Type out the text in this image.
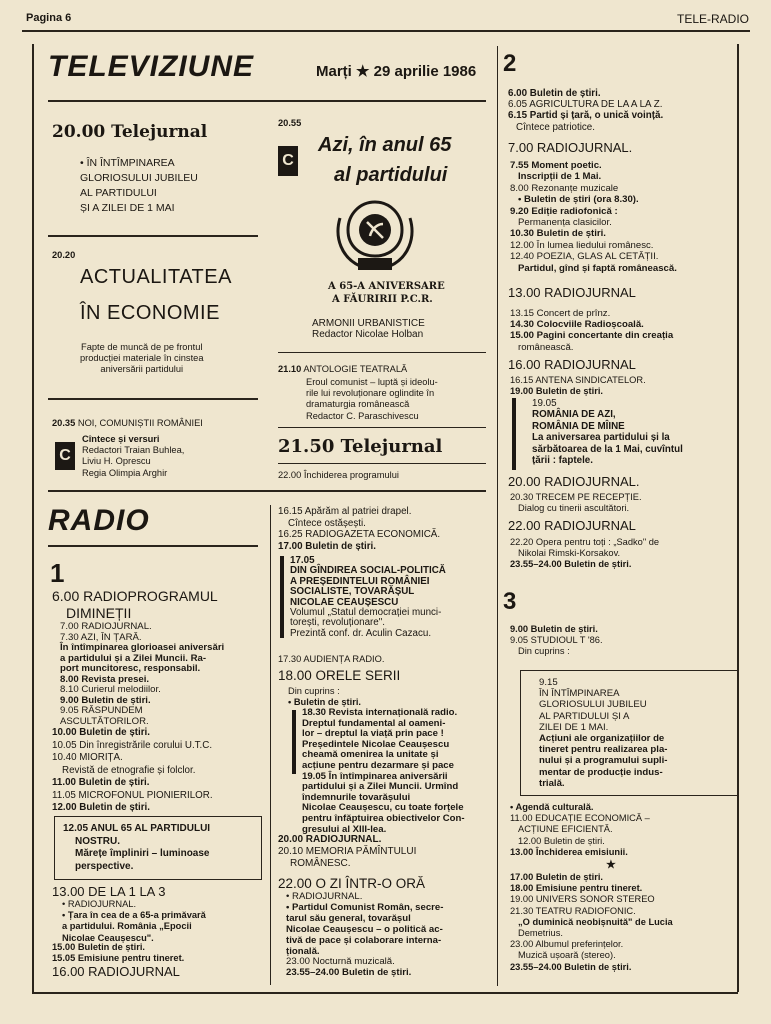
Pagina 6	TELE-RADIO
TELEVIZIUNE	Marți ★ 29 aprilie 1986
20.00 Telejurnal
• ÎN ÎNTÎMPINAREA
GLORIOSULUI JUBILEU
AL PARTIDULUI
ȘI A ZILEI DE 1 MAI
20.20
ACTUALITATEA
ÎN ECONOMIE
Fapte de muncă de pe frontul
producției materiale în cinstea
aniversării partidului
20.35 NOI, COMUNIȘTII ROMÂNIEI
C
Cîntece și versuri
Redactori Traian Buhlea,
Liviu H. Oprescu
Regia Olimpia Arghir
20.55
C
Azi, în anul 65
al partidului
A 65-A ANIVERSARE
A FĂURIRII P.C.R.
ARMONII URBANISTICE
Redactor Nicolae Holban
21.10 ANTOLOGIE TEATRALĂ
Eroul comunist – luptă și ideolu-
rile lui revoluționare oglindite în
dramaturgia românească
Redactor C. Paraschivescu
21.50 Telejurnal
22.00 Închiderea programului
RADIO
1
6.00 RADIOPROGRAMUL
DIMINEȚII
7.00 RADIOJURNAL.
7.30 AZI, ÎN ȚARĂ.
În întîmpinarea glorioasei aniversări
a partidului și a Zilei Muncii. Ra-
port muncitoresc, responsabil.
8.00 Revista presei.
8.10 Curierul melodiilor.
9.00 Buletin de știri.
9.05 RĂSPUNDEM
ASCULTĂTORILOR.
10.00 Buletin de știri.
10.05 Din înregistrările corului U.T.C.
10.40 MIORIȚA.
Revistă de etnografie și folclor.
11.00 Buletin de știri.
11.05 MICROFONUL PIONIERILOR.
12.00 Buletin de știri.
12.05 ANUL 65 AL PARTIDULUI
NOSTRU.
Mărețe împliniri – luminoase
perspective.
13.00 DE LA 1 LA 3
• RADIOJURNAL.
• Țara în cea de a 65-a primăvară
a partidului. România „Epocii
Nicolae Ceaușescu".
15.00 Buletin de știri.
15.05 Emisiune pentru tineret.
16.00 RADIOJURNAL
16.15 Apărăm al patriei drapel.
Cîntece ostășești.
16.25 RADIOGAZETA ECONOMICĂ.
17.00 Buletin de știri.
17.05
DIN GÎNDIREA SOCIAL-POLITICĂ
A PREȘEDINTELUI ROMÂNIEI
SOCIALISTE, TOVARĂȘUL
NICOLAE CEAUȘESCU
Volumul „Statul democrației munci-
torești, revoluționare".
Prezintă conf. dr. Aculin Cazacu.
17.30 AUDIENȚA RADIO.
18.00 ORELE SERII
Din cuprins :
• Buletin de știri.
18.30 Revista internațională radio.
Dreptul fundamental al oameni-
lor – dreptul la viață prin pace !
Președintele Nicolae Ceaușescu
cheamă omenirea la unitate și
acțiune pentru dezarmare și pace
19.05 În întîmpinarea aniversării
partidului și a Zilei Muncii. Urmînd
îndemnurile tovarășului
Nicolae Ceaușescu, cu toate forțele
pentru înfăptuirea obiectivelor Con-
gresului al XIII-lea.
20.00 RADIOJURNAL.
20.10 MEMORIA PĂMÎNTULUI
ROMÂNESC.
22.00 O ZI ÎNTR-O ORĂ
• RADIOJURNAL.
• Partidul Comunist Român, secre-
tarul său general, tovarășul
Nicolae Ceaușescu – o politică ac-
tivă de pace și colaborare interna-
țională.
23.00 Nocturnă muzicală.
23.55–24.00 Buletin de știri.
2
6.00 Buletin de știri.
6.05 AGRICULTURA DE LA A LA Z.
6.15 Partid și țară, o unică voință.
Cîntece patriotice.
7.00 RADIOJURNAL.
7.55 Moment poetic.
Inscripții de 1 Mai.
8.00 Rezonanțe muzicale
• Buletin de știri (ora 8.30).
9.20 Ediție radiofonică :
Permanența clasicilor.
10.30 Buletin de știri.
12.00 În lumea liedului românesc.
12.40 POEZIA, GLAS AL CETĂȚII.
Partidul, gînd și faptă românească.
13.00 RADIOJURNAL
13.15 Concert de prînz.
14.30 Colocviile Radioșcoală.
15.00 Pagini concertante din creația
românească.
16.00 RADIOJURNAL
16.15 ANTENA SINDICATELOR.
19.00 Buletin de știri.
19.05
ROMÂNIA DE AZI,
ROMÂNIA DE MÎINE
La aniversarea partidului și la
sărbătoarea de la 1 Mai, cuvîntul
țării : faptele.
20.00 RADIOJURNAL.
20.30 TRECEM PE RECEPȚIE.
Dialog cu tinerii ascultători.
22.00 RADIOJURNAL
22.20 Opera pentru toți : „Sadko" de
Nikolai Rimski-Korsakov.
23.55–24.00 Buletin de știri.
3
9.00 Buletin de știri.
9.05 STUDIOUL T '86.
Din cuprins :
9.15
ÎN ÎNTÎMPINAREA
GLORIOSULUI JUBILEU
AL PARTIDULUI ȘI A
ZILEI DE 1 MAI.
Acțiuni ale organizațiilor de
tineret pentru realizarea pla-
nului și a programului supli-
mentar de producție indus-
trială.
• Agendă culturală.
11.00 EDUCAȚIE ECONOMICĂ –
ACȚIUNE EFICIENTĂ.
12.00 Buletin de știri.
13.00 Închiderea emisiunii.
★
17.00 Buletin de știri.
18.00 Emisiune pentru tineret.
19.00 UNIVERS SONOR STEREO
21.30 TEATRU RADIOFONIC.
„O duminică neobișnuită" de Lucia
Demetrius.
23.00 Albumul preferințelor.
Muzică ușoară (stereo).
23.55–24.00 Buletin de știri.
